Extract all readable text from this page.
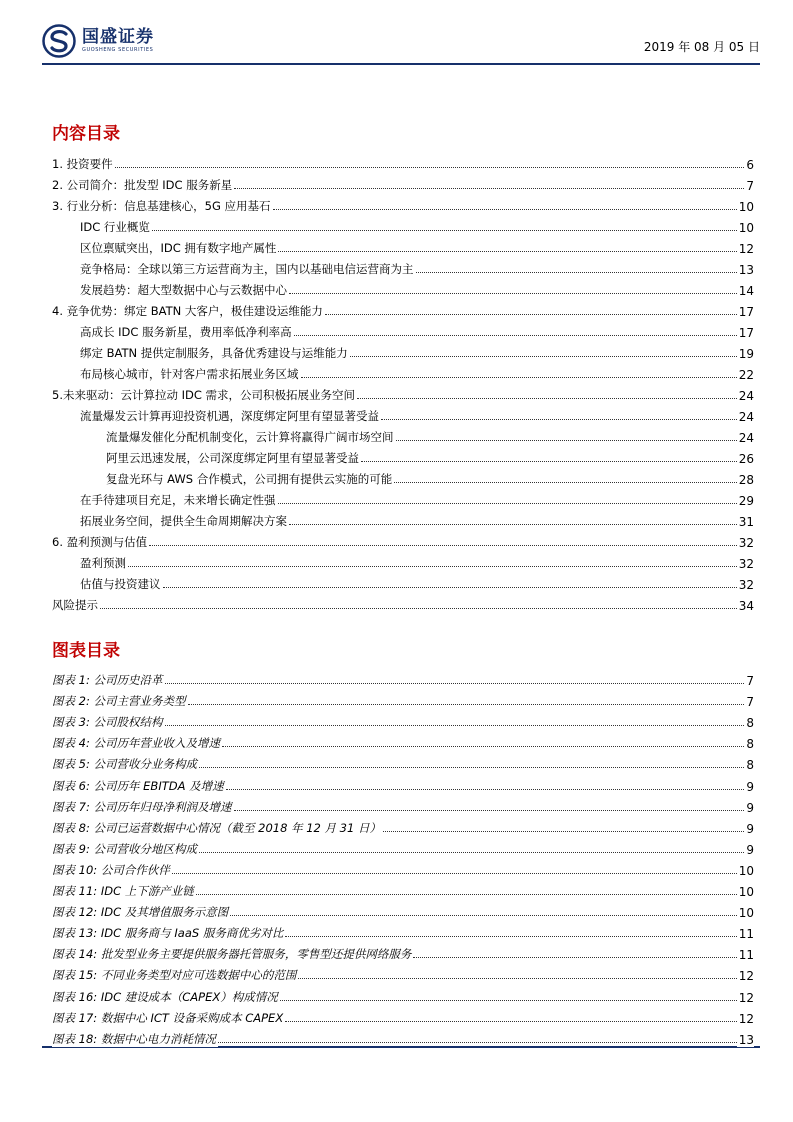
国盛证券
GUOSHENG SECURITIES	2019 年 08 月 05 日
内容目录
1. 投资要件	6
2. 公司简介：批发型 IDC 服务新星	7
3. 行业分析：信息基建核心，5G 应用基石	10
IDC 行业概览	10
区位禀赋突出，IDC 拥有数字地产属性	12
竞争格局：全球以第三方运营商为主，国内以基础电信运营商为主	13
发展趋势：超大型数据中心与云数据中心	14
4. 竞争优势：绑定 BATN 大客户，极佳建设运维能力	17
高成长 IDC 服务新星，费用率低净利率高	17
绑定 BATN 提供定制服务，具备优秀建设与运维能力	19
布局核心城市，针对客户需求拓展业务区域	22
5.未来驱动：云计算拉动 IDC 需求，公司积极拓展业务空间	24
流量爆发云计算再迎投资机遇，深度绑定阿里有望显著受益	24
流量爆发催化分配机制变化，云计算将赢得广阔市场空间	24
阿里云迅速发展，公司深度绑定阿里有望显著受益	26
复盘光环与 AWS 合作模式，公司拥有提供云实施的可能	28
在手待建项目充足，未来增长确定性强	29
拓展业务空间，提供全生命周期解决方案	31
6. 盈利预测与估值	32
盈利预测	32
估值与投资建议	32
风险提示	34
图表目录
图表 1: 公司历史沿革	7
图表 2: 公司主营业务类型	7
图表 3: 公司股权结构	8
图表 4: 公司历年营业收入及增速	8
图表 5: 公司营收分业务构成	8
图表 6: 公司历年 EBITDA 及增速	9
图表 7: 公司历年归母净利润及增速	9
图表 8: 公司已运营数据中心情况（截至 2018 年 12 月 31 日）	9
图表 9: 公司营收分地区构成	9
图表 10: 公司合作伙伴	10
图表 11: IDC 上下游产业链	10
图表 12: IDC 及其增值服务示意图	10
图表 13: IDC 服务商与 IaaS 服务商优劣对比	11
图表 14: 批发型业务主要提供服务器托管服务，零售型还提供网络服务	11
图表 15: 不同业务类型对应可选数据中心的范围	12
图表 16: IDC 建设成本（CAPEX）构成情况	12
图表 17: 数据中心 ICT 设备采购成本 CAPEX	12
图表 18: 数据中心电力消耗情况	13
